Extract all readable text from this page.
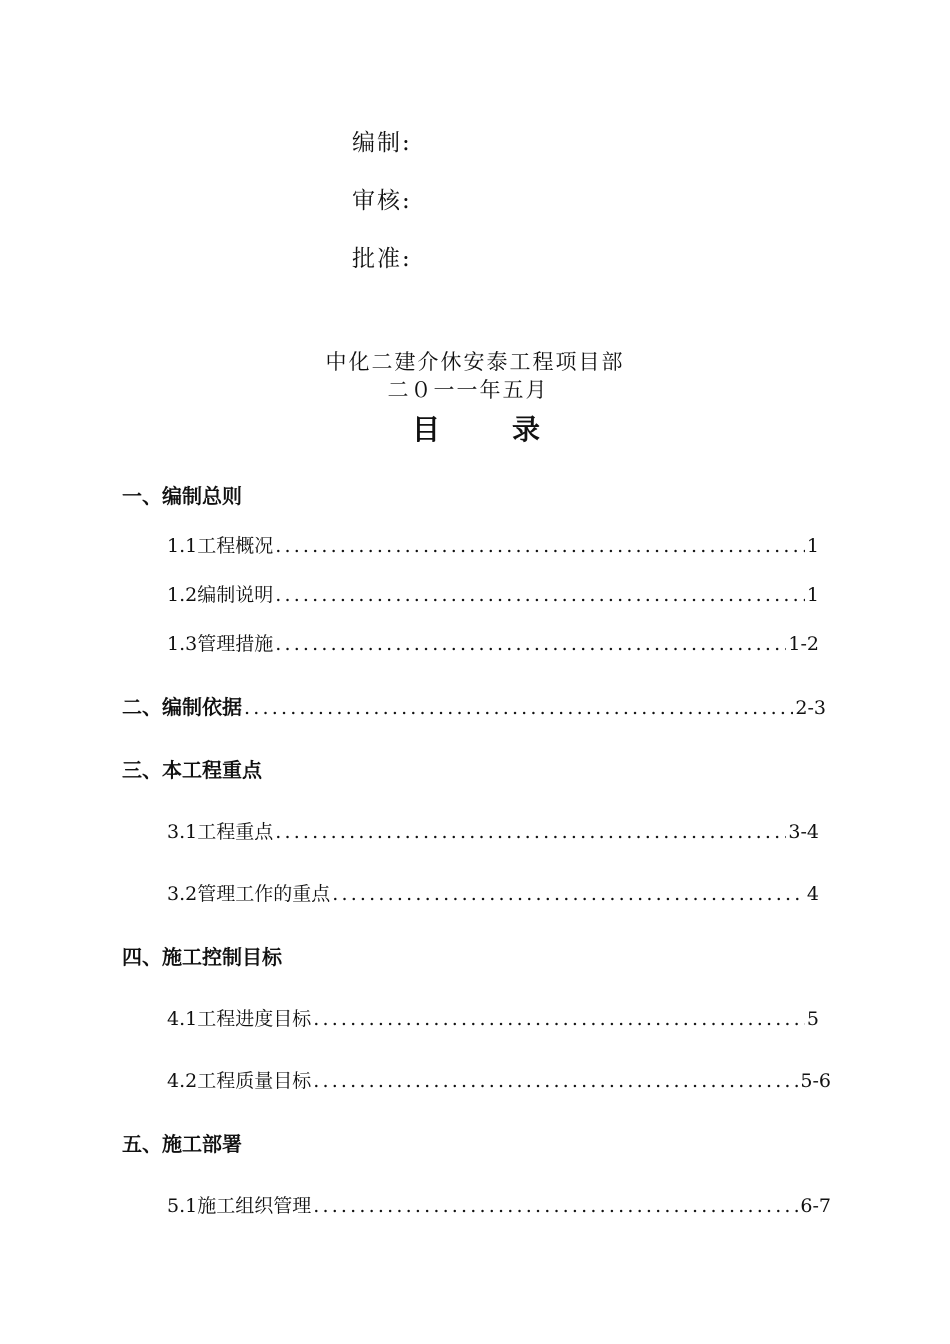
编制:
审核:
批准:
中化二建介休安泰工程项目部
二０一一年五月
目	录
一、编制总则
1.1工程概况 .....	1
1.2编制说明 .....	1
1.3管理措施 .....	1-2
二、编制依据 .....	2-3
三、本工程重点
3.1工程重点 .....	3-4
3.2管理工作的重点 .....	4
四、施工控制目标
4.1工程进度目标 .....	5
4.2工程质量目标 .....	5-6
五、施工部署
5.1施工组织管理 .....	6-7
